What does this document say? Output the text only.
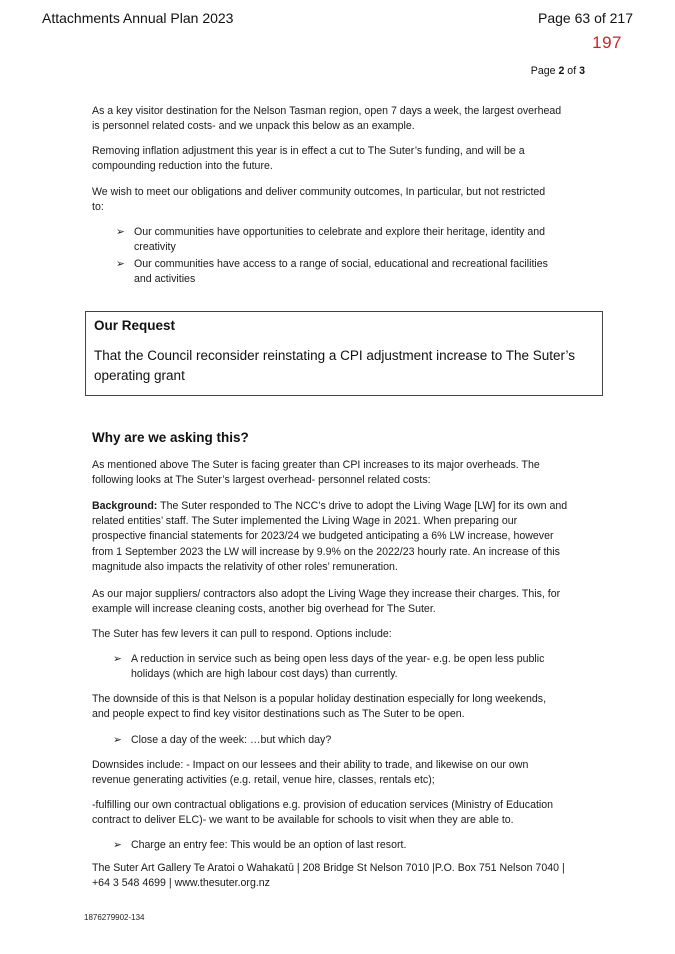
Attachments Annual Plan 2023	Page 63 of 217
197
Page 2 of 3
As a key visitor destination for the Nelson Tasman region, open 7 days a week, the largest overhead
is personnel related costs- and we unpack this below as an example.
Removing inflation adjustment this year is in effect a cut to The Suter’s funding, and will be a
compounding reduction into the future.
We wish to meet our obligations and deliver community outcomes, In particular, but not restricted
to:
➢ Our communities have opportunities to celebrate and explore their heritage, identity and
creativity
➢ Our communities have access to a range of social, educational and recreational facilities
and activities
Our Request
That the Council reconsider reinstating a CPI adjustment increase to The Suter’s operating grant
Why are we asking this?
As mentioned above The Suter is facing greater than CPI increases to its major overheads. The
following looks at The Suter’s largest overhead- personnel related costs:
Background: The Suter responded to The NCC’s drive to adopt the Living Wage [LW] for its own and
related entities’ staff. The Suter implemented the Living Wage in 2021. When preparing our
prospective financial statements for 2023/24 we budgeted anticipating a 6% LW increase, however
from 1 September 2023 the LW will increase by 9.9% on the 2022/23 hourly rate. An increase of this
magnitude also impacts the relativity of other roles’ remuneration.
As our major suppliers/ contractors also adopt the Living Wage they increase their charges. This, for
example will increase cleaning costs, another big overhead for The Suter.
The Suter has few levers it can pull to respond. Options include:
➢ A reduction in service such as being open less days of the year- e.g. be open less public
holidays (which are high labour cost days) than currently.
The downside of this is that Nelson is a popular holiday destination especially for long weekends,
and people expect to find key visitor destinations such as The Suter to be open.
➢ Close a day of the week: …but which day?
Downsides include: - Impact on our lessees and their ability to trade, and likewise on our own
revenue generating activities (e.g. retail, venue hire, classes, rentals etc);
-fulfilling our own contractual obligations e.g. provision of education services (Ministry of Education
contract to deliver ELC)- we want to be available for schools to visit when they are able to.
➢ Charge an entry fee: This would be an option of last resort.
The Suter Art Gallery Te Aratoi o Wahakatū | 208 Bridge St Nelson 7010 |P.O. Box 751 Nelson 7040 |
+64 3 548 4699 | www.thesuter.org.nz
1876279902-134
